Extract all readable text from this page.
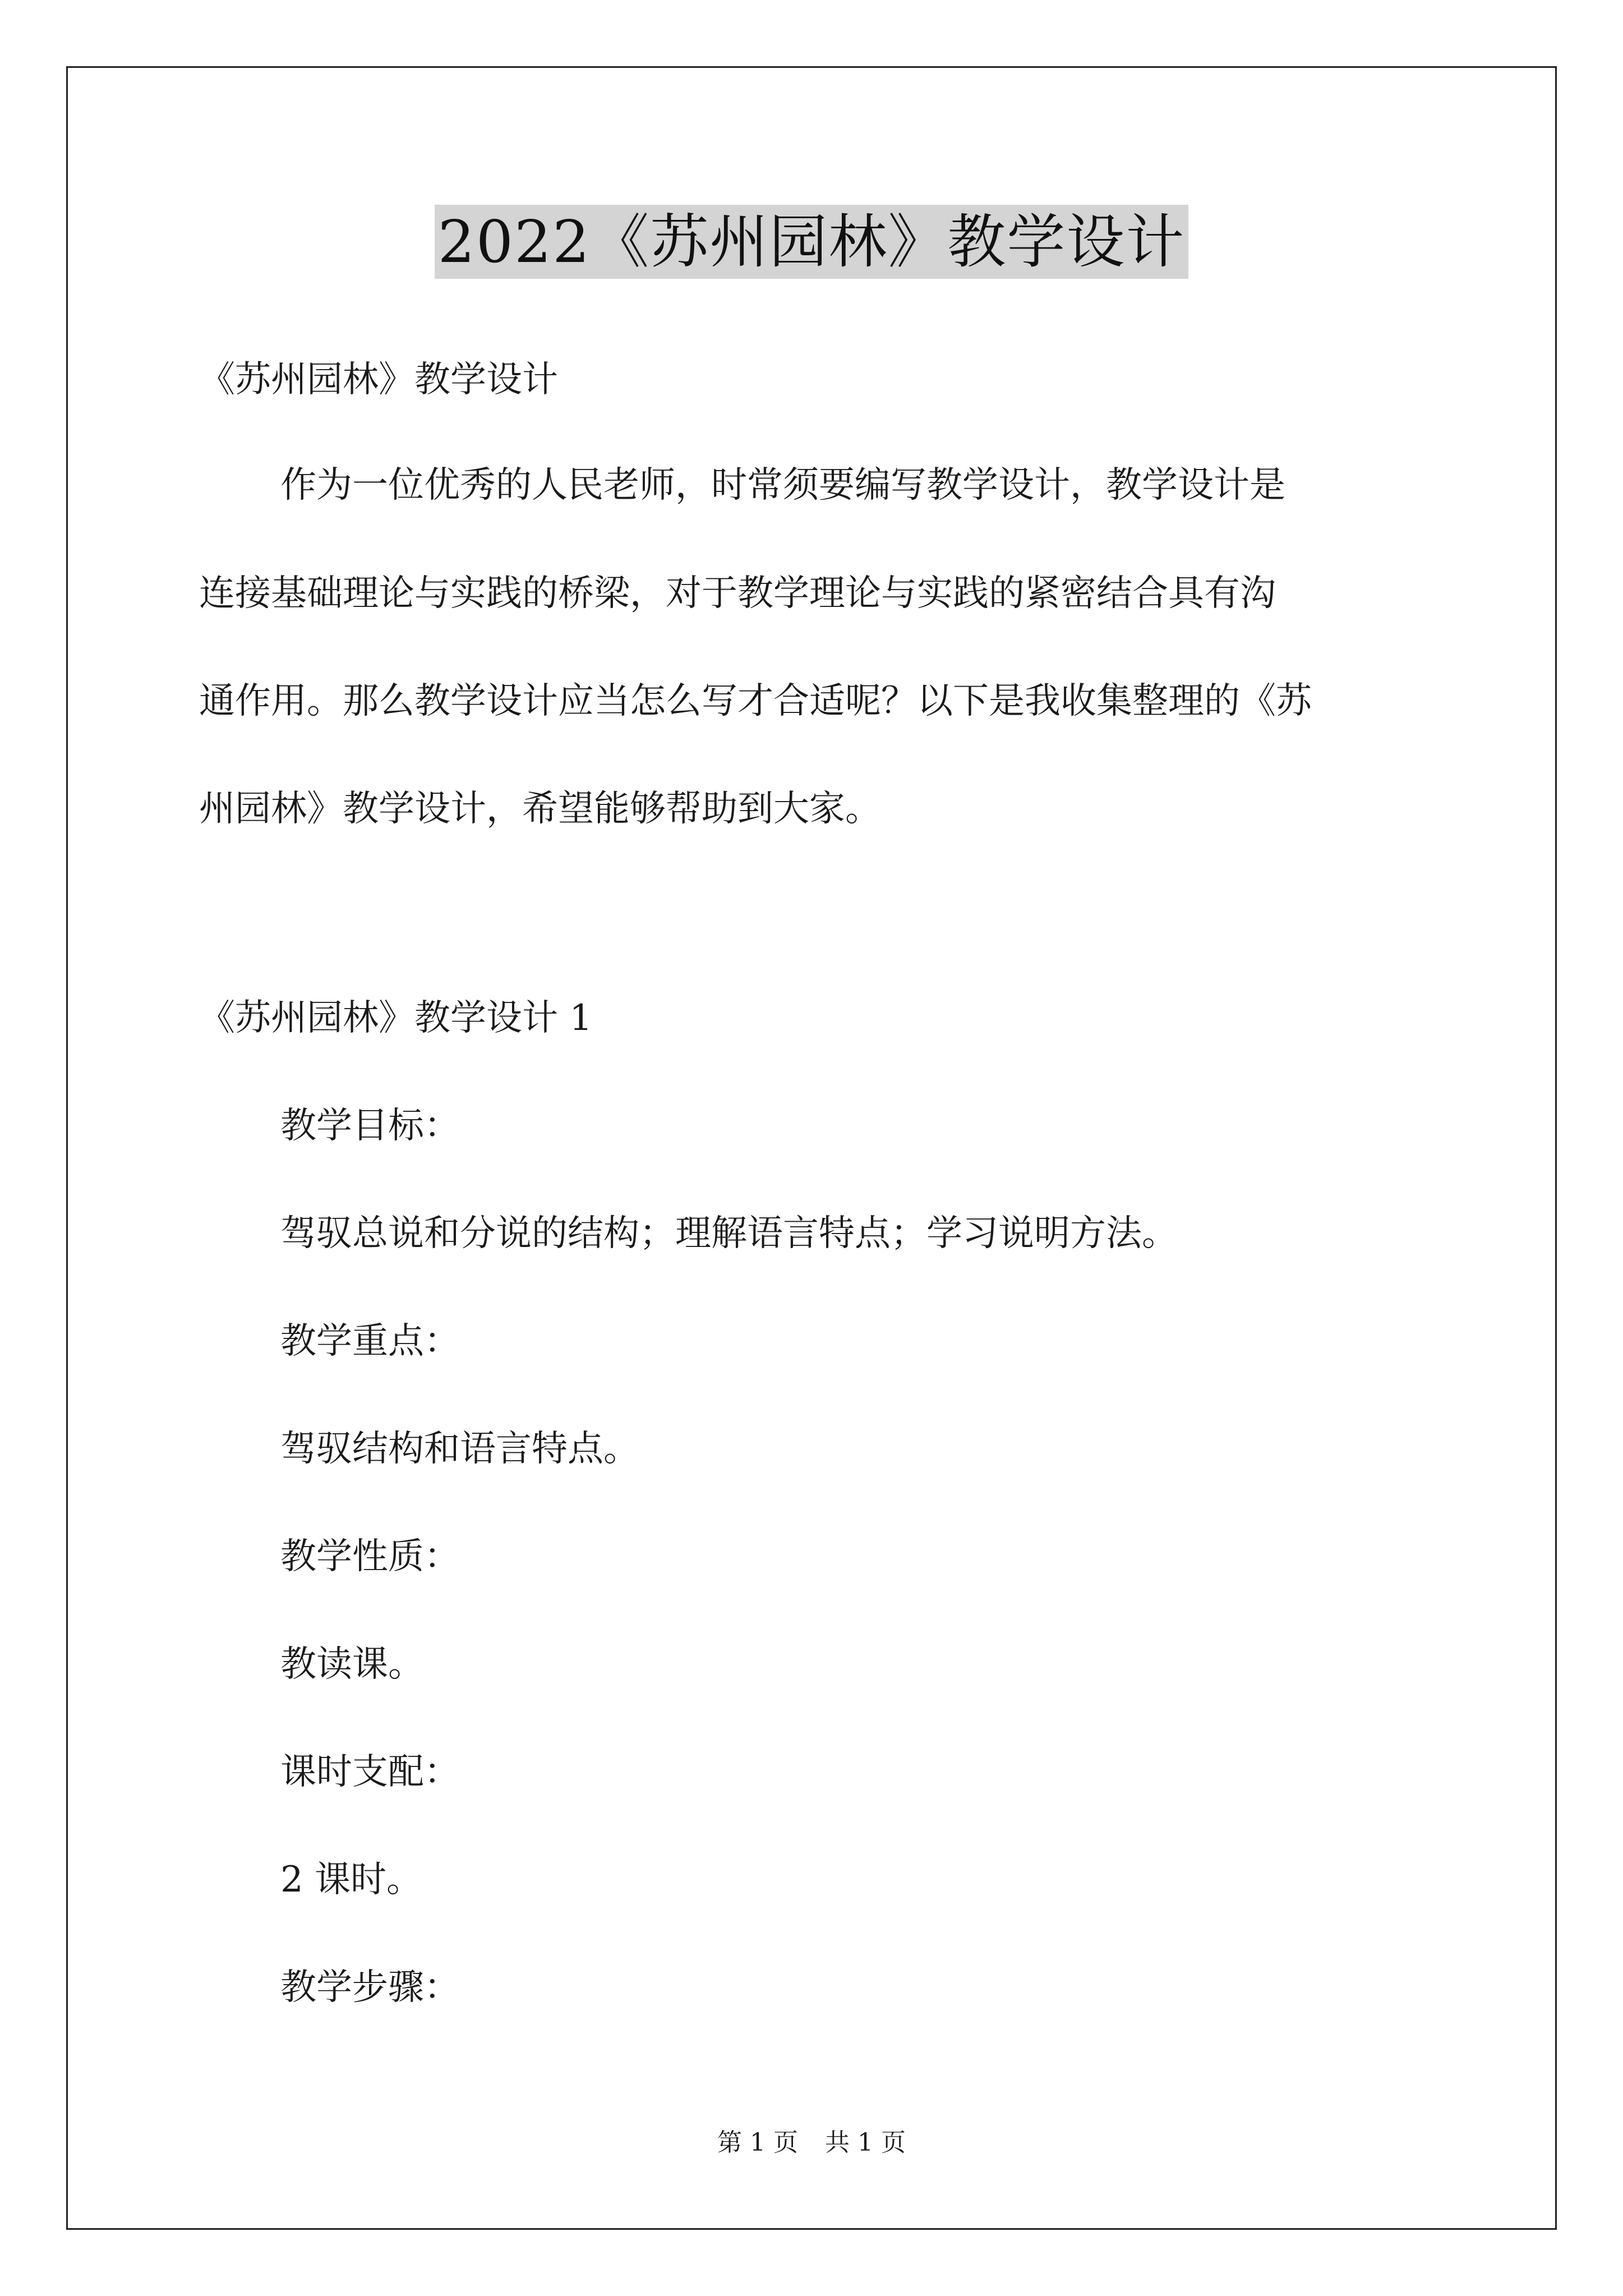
2022《苏州园林》教学设计
《苏州园林》教学设计
作为一位优秀的人民老师，时常须要编写教学设计，教学设计是
连接基础理论与实践的桥梁，对于教学理论与实践的紧密结合具有沟
通作用。那么教学设计应当怎么写才合适呢？以下是我收集整理的《苏
州园林》教学设计，希望能够帮助到大家。
《苏州园林》教学设计 1
教学目标：
驾驭总说和分说的结构；理解语言特点；学习说明方法。
教学重点：
驾驭结构和语言特点。
教学性质：
教读课。
课时支配：
2 课时。
教学步骤：
第 1 页 共 1 页
